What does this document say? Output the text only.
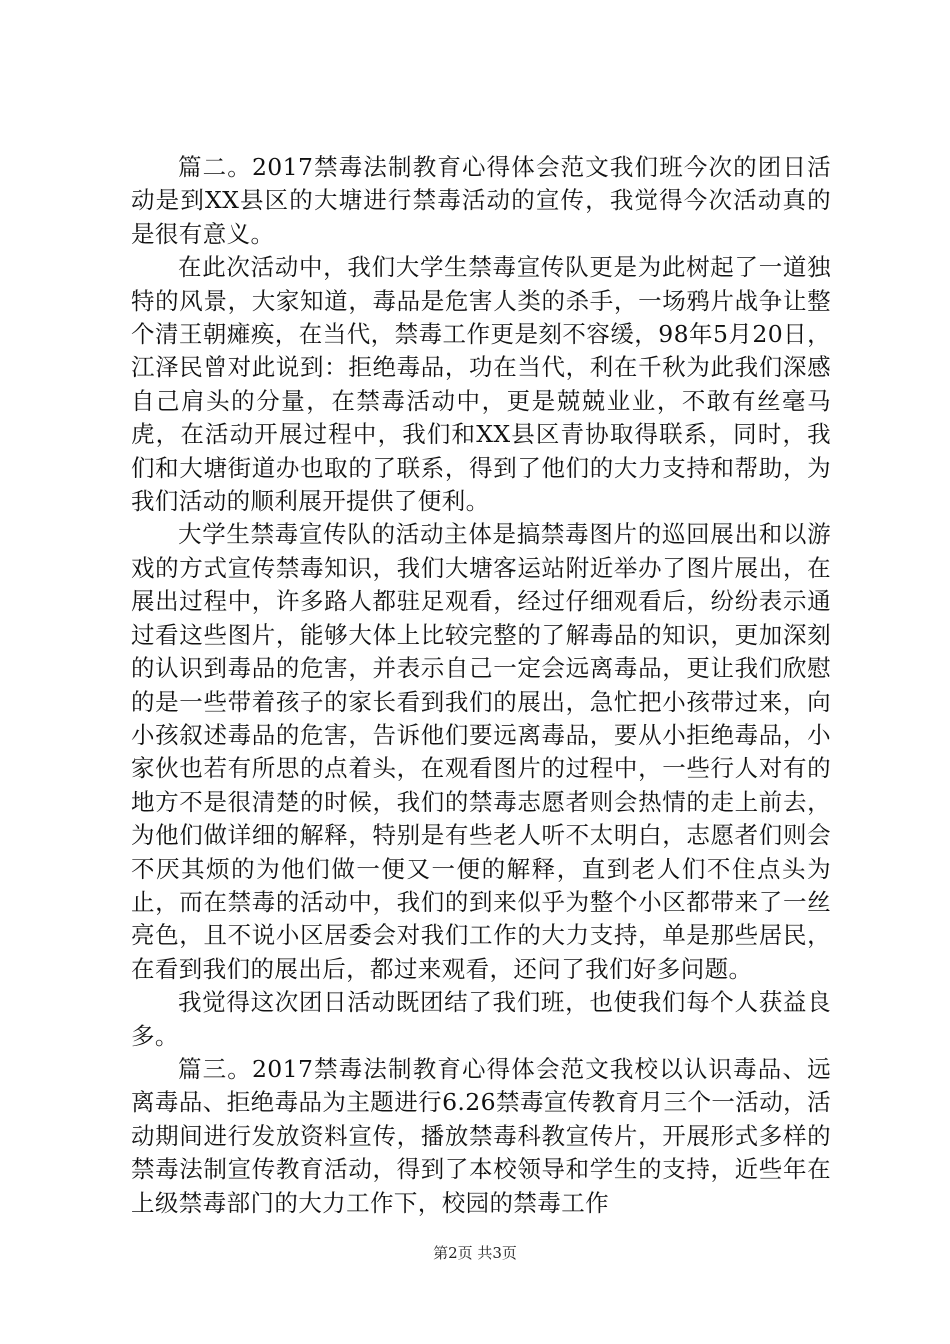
篇二。2017禁毒法制教育心得体会范文我们班今次的团日活动是到XX县区的大塘进行禁毒活动的宣传，我觉得今次活动真的是很有意义。

在此次活动中，我们大学生禁毒宣传队更是为此树起了一道独特的风景，大家知道，毒品是危害人类的杀手，一场鸦片战争让整个清王朝瘫痪，在当代，禁毒工作更是刻不容缓，98年5月20日，江泽民曾对此说到：拒绝毒品，功在当代，利在千秋为此我们深感自己肩头的分量，在禁毒活动中，更是兢兢业业，不敢有丝毫马虎，在活动开展过程中，我们和XX县区青协取得联系，同时，我们和大塘街道办也取的了联系，得到了他们的大力支持和帮助，为我们活动的顺利展开提供了便利。

大学生禁毒宣传队的活动主体是搞禁毒图片的巡回展出和以游戏的方式宣传禁毒知识，我们大塘客运站附近举办了图片展出，在展出过程中，许多路人都驻足观看，经过仔细观看后，纷纷表示通过看这些图片，能够大体上比较完整的了解毒品的知识，更加深刻的认识到毒品的危害，并表示自己一定会远离毒品，更让我们欣慰的是一些带着孩子的家长看到我们的展出，急忙把小孩带过来，向小孩叙述毒品的危害，告诉他们要远离毒品，要从小拒绝毒品，小家伙也若有所思的点着头，在观看图片的过程中，一些行人对有的地方不是很清楚的时候，我们的禁毒志愿者则会热情的走上前去，为他们做详细的解释，特别是有些老人听不太明白，志愿者们则会不厌其烦的为他们做一便又一便的解释，直到老人们不住点头为止，而在禁毒的活动中，我们的到来似乎为整个小区都带来了一丝亮色，且不说小区居委会对我们工作的大力支持，单是那些居民，在看到我们的展出后，都过来观看，还问了我们好多问题。

我觉得这次团日活动既团结了我们班，也使我们每个人获益良多。

篇三。2017禁毒法制教育心得体会范文我校以认识毒品、远离毒品、拒绝毒品为主题进行6.26禁毒宣传教育月三个一活动，活动期间进行发放资料宣传，播放禁毒科教宣传片，开展形式多样的禁毒法制宣传教育活动，得到了本校领导和学生的支持，近些年在上级禁毒部门的大力工作下，校园的禁毒工作

第2页 共3页
